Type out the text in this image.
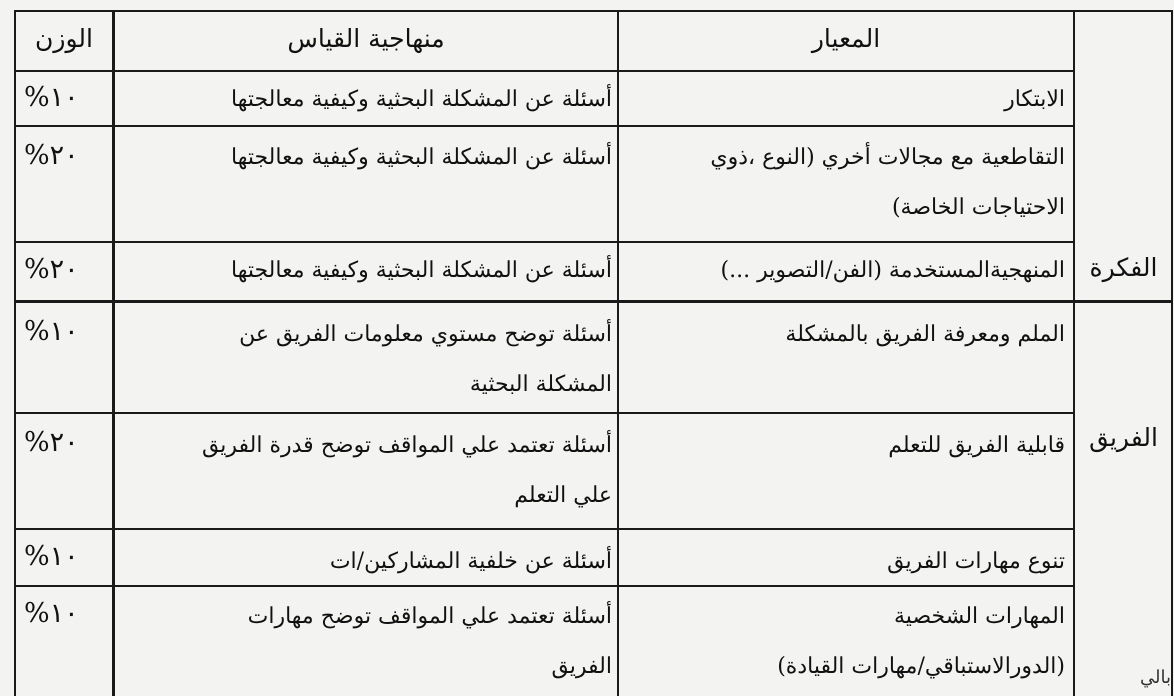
الوزن	منهاجية القياس	المعيار
الابتكار
أسئلة عن المشكلة البحثية وكيفية معالجتها
%١٠
التقاطعية مع مجالات أخري (النوع ،ذوي
الاحتياجات الخاصة)
أسئلة عن المشكلة البحثية وكيفية معالجتها
%٢٠
المنهجيةالمستخدمة (الفن/التصوير ...)
أسئلة عن المشكلة البحثية وكيفية معالجتها
%٢٠
الملم ومعرفة الفريق بالمشكلة
أسئلة توضح مستوي معلومات الفريق عن
المشكلة البحثية
%١٠
قابلية الفريق للتعلم
أسئلة تعتمد علي المواقف توضح قدرة الفريق
علي التعلم
%٢٠
تنوع مهارات الفريق
أسئلة عن خلفية المشاركين/ات
%١٠
المهارات الشخصية
(الدورالاستباقي/مهارات القيادة)
أسئلة تعتمد علي المواقف توضح مهارات
الفريق
%١٠
الفكرة
الفريق
بالي
